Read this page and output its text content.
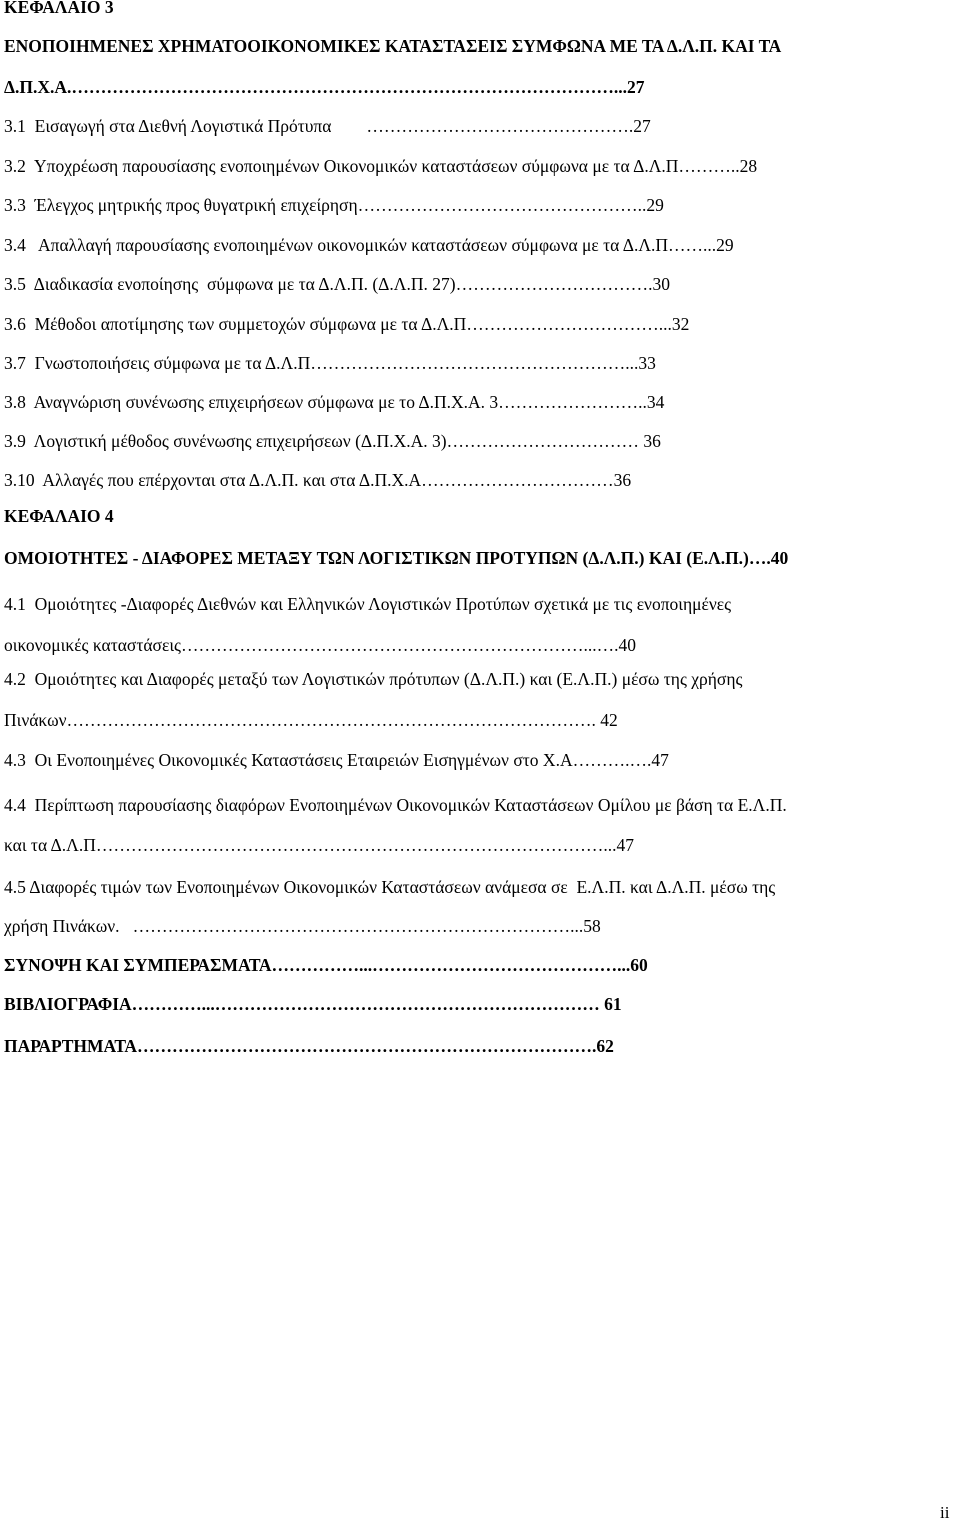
ΚΕΦΑΛΑΙΟ 3

ΕΝΟΠΟΙΗΜΕΝΕΣ ΧΡΗΜΑΤΟΟΙΚΟΝΟΜΙΚΕΣ ΚΑΤΑΣΤΑΣΕΙΣ ΣΥΜΦΩΝΑ ΜΕ ΤΑ Δ.Λ.Π. ΚΑΙ ΤΑ

Δ.Π.Χ.Α.…………………………………………………………………………………...27

3.1  Εισαγωγή στα Διεθνή Λογιστικά Πρότυπα        ……………………………………….27

3.2  Υποχρέωση παρουσίασης ενοποιημένων Οικονομικών καταστάσεων σύμφωνα με τα Δ.Λ.Π………..28

3.3  Έλεγχος μητρικής προς θυγατρική επιχείρηση…………………………………………..29

3.4   Απαλλαγή παρουσίασης ενοποιημένων οικονομικών καταστάσεων σύμφωνα με τα Δ.Λ.Π……...29

3.5  Διαδικασία ενοποίησης  σύμφωνα με τα Δ.Λ.Π. (Δ.Λ.Π. 27)…………………………….30

3.6  Μέθοδοι αποτίμησης των συμμετοχών σύμφωνα με τα Δ.Λ.Π……………………………...32

3.7  Γνωστοποιήσεις σύμφωνα με τα Δ.Λ.Π………………………………………………...33

3.8  Αναγνώριση συνένωσης επιχειρήσεων σύμφωνα με το Δ.Π.Χ.Α. 3……………………..34

3.9  Λογιστική μέθοδος συνένωσης επιχειρήσεων (Δ.Π.Χ.Α. 3)…………………………… 36

3.10  Αλλαγές που επέρχονται στα Δ.Λ.Π. και στα Δ.Π.Χ.Α……………………………36

ΚΕΦΑΛΑΙΟ 4

ΟΜΟΙΟΤΗΤΕΣ - ΔΙΑΦΟΡΕΣ ΜΕΤΑΞΥ ΤΩΝ ΛΟΓΙΣΤΙΚΩΝ ΠΡΟΤΥΠΩΝ (Δ.Λ.Π.) ΚΑΙ (Ε.Λ.Π.)….40

4.1  Ομοιότητες -Διαφορές Διεθνών και Ελληνικών Λογιστικών Προτύπων σχετικά με τις ενοποιημένες

οικονομικές καταστάσεις……………………………………………………………...….40

4.2  Ομοιότητες και Διαφορές μεταξύ των Λογιστικών πρότυπων (Δ.Λ.Π.) και (Ε.Λ.Π.) μέσω της χρήσης

Πινάκων………………………………………………………………………………. 42

4.3  Οι Ενοποιημένες Οικονομικές Καταστάσεις Εταιρειών Εισηγμένων στο Χ.Α……….….47

4.4  Περίπτωση παρουσίασης διαφόρων Ενοποιημένων Οικονομικών Καταστάσεων Ομίλου με βάση τα Ε.Λ.Π.

και τα Δ.Λ.Π……………………………………………………………………………...47

4.5 Διαφορές τιμών των Ενοποιημένων Οικονομικών Καταστάσεων ανάμεσα σε  Ε.Λ.Π. και Δ.Λ.Π. μέσω της

χρήση Πινάκων.   …………………………………………………………………...58

ΣΥΝΟΨΗ ΚΑΙ ΣΥΜΠΕΡΑΣΜΑΤΑ……………...……………………………………...60

ΒΙΒΛΙΟΓΡΑΦΙΑ…………...………………………………………………………… 61

ΠΑΡΑΡΤΗΜΑΤΑ…………………………………………………………………….62

ii
